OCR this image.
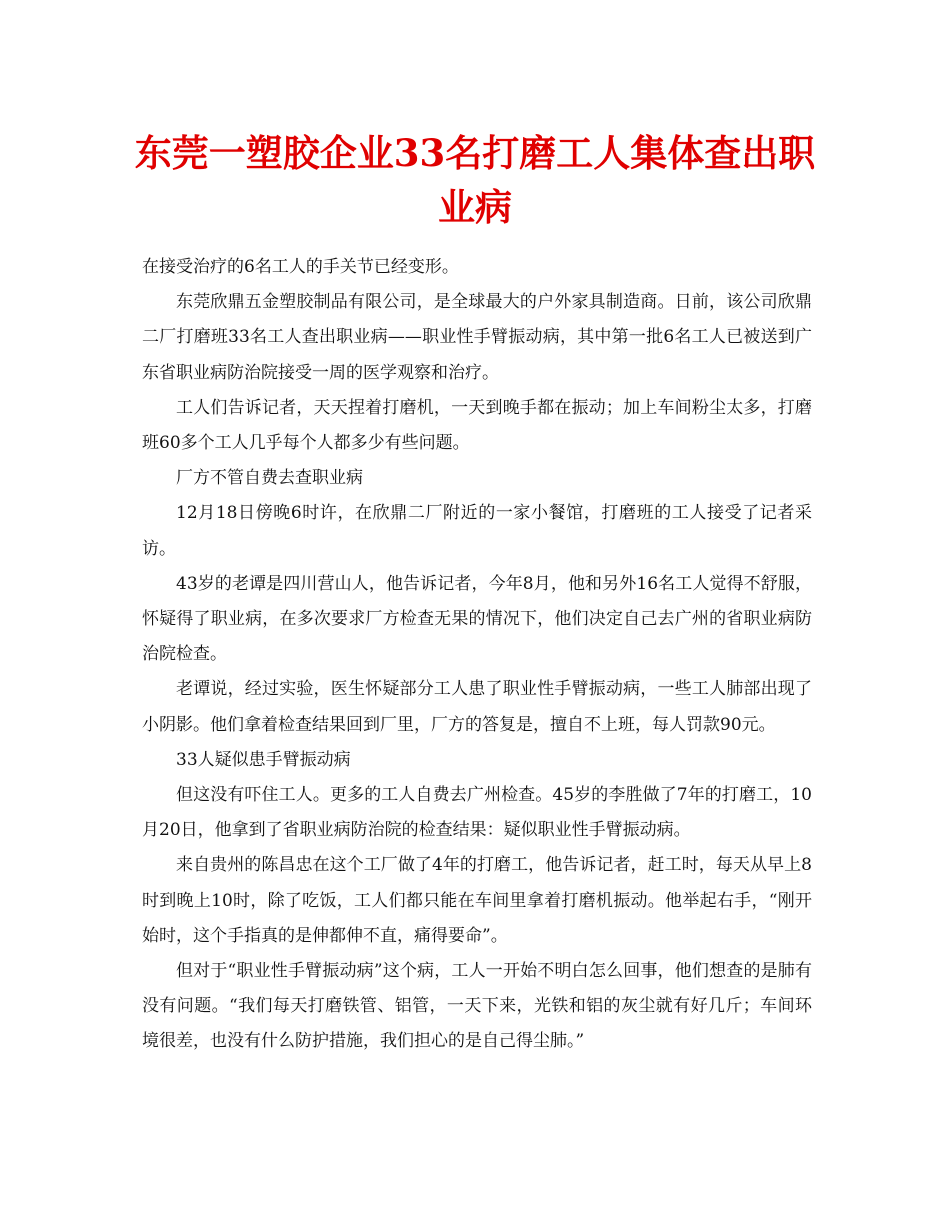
东莞一塑胶企业33名打磨工人集体查出职业病

在接受治疗的6名工人的手关节已经变形。

东莞欣鼎五金塑胶制品有限公司，是全球最大的户外家具制造商。日前，该公司欣鼎二厂打磨班33名工人查出职业病——职业性手臂振动病，其中第一批6名工人已被送到广东省职业病防治院接受一周的医学观察和治疗。

工人们告诉记者，天天捏着打磨机，一天到晚手都在振动；加上车间粉尘太多，打磨班60多个工人几乎每个人都多少有些问题。

厂方不管自费去查职业病

12月18日傍晚6时许，在欣鼎二厂附近的一家小餐馆，打磨班的工人接受了记者采访。

43岁的老谭是四川营山人，他告诉记者，今年8月，他和另外16名工人觉得不舒服，怀疑得了职业病，在多次要求厂方检查无果的情况下，他们决定自己去广州的省职业病防治院检查。

老谭说，经过实验，医生怀疑部分工人患了职业性手臂振动病，一些工人肺部出现了小阴影。他们拿着检查结果回到厂里，厂方的答复是，擅自不上班，每人罚款90元。

33人疑似患手臂振动病

但这没有吓住工人。更多的工人自费去广州检查。45岁的李胜做了7年的打磨工，10月20日，他拿到了省职业病防治院的检查结果：疑似职业性手臂振动病。

来自贵州的陈昌忠在这个工厂做了4年的打磨工，他告诉记者，赶工时，每天从早上8时到晚上10时，除了吃饭，工人们都只能在车间里拿着打磨机振动。他举起右手，“刚开始时，这个手指真的是伸都伸不直，痛得要命”。

但对于“职业性手臂振动病”这个病，工人一开始不明白怎么回事，他们想查的是肺有没有问题。“我们每天打磨铁管、铝管，一天下来，光铁和铝的灰尘就有好几斤；车间环境很差，也没有什么防护措施，我们担心的是自己得尘肺。”
